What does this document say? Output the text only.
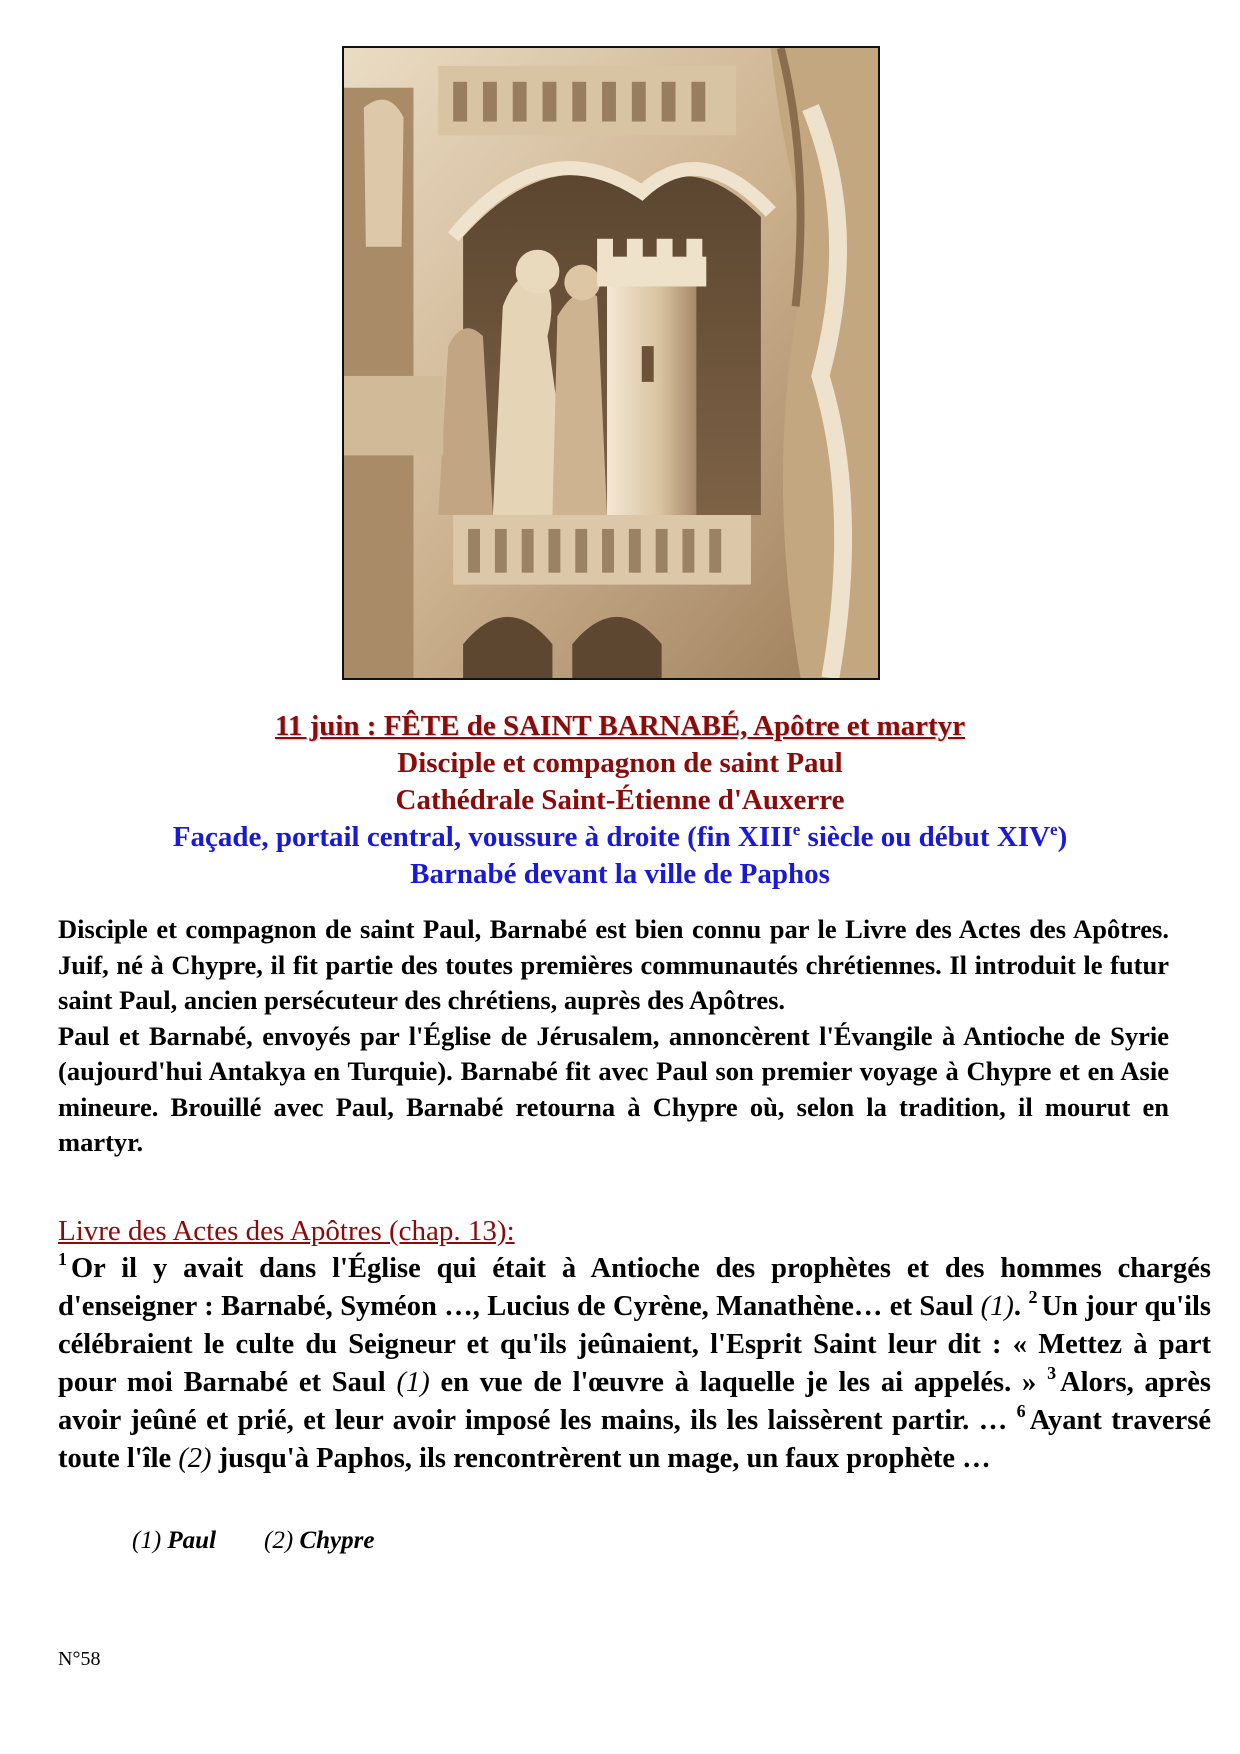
11 juin : FÊTE de SAINT BARNABÉ, Apôtre et martyr
Disciple et compagnon de saint Paul
Cathédrale Saint-Étienne d'Auxerre
Façade, portail central, voussure à droite (fin XIIIe siècle ou début XIVe)
Barnabé devant la ville de Paphos

Disciple et compagnon de saint Paul, Barnabé est bien connu par le Livre des Actes des Apôtres. Juif, né à Chypre, il fit partie des toutes premières communautés chrétiennes. Il introduit le futur saint Paul, ancien persécuteur des chrétiens, auprès des Apôtres.

Paul et Barnabé, envoyés par l'Église de Jérusalem, annoncèrent l'Évangile à Antioche de Syrie (aujourd'hui Antakya en Turquie). Barnabé fit avec Paul son premier voyage à Chypre et en Asie mineure. Brouillé avec Paul, Barnabé retourna à Chypre où, selon la tradition, il mourut en martyr.

Livre des Actes des Apôtres (chap. 13):
$^1$ Or il y avait dans l'Église qui était à Antioche des prophètes et des hommes chargés d'enseigner : Barnabé, Syméon …, Lucius de Cyrène, Manathène… et Saul (1). $^2$ Un jour qu'ils célébraient le culte du Seigneur et qu'ils jeûnaient, l'Esprit Saint leur dit : « Mettez à part pour moi Barnabé et Saul (1) en vue de l'œuvre à laquelle je les ai appelés. » $^3$ Alors, après avoir jeûné et prié, et leur avoir imposé les mains, ils les laissèrent partir. … $^6$ Ayant traversé toute l'île (2) jusqu'à Paphos, ils rencontrèrent un mage, un faux prophète …
(1) Paul (2) Chypre
N°58
